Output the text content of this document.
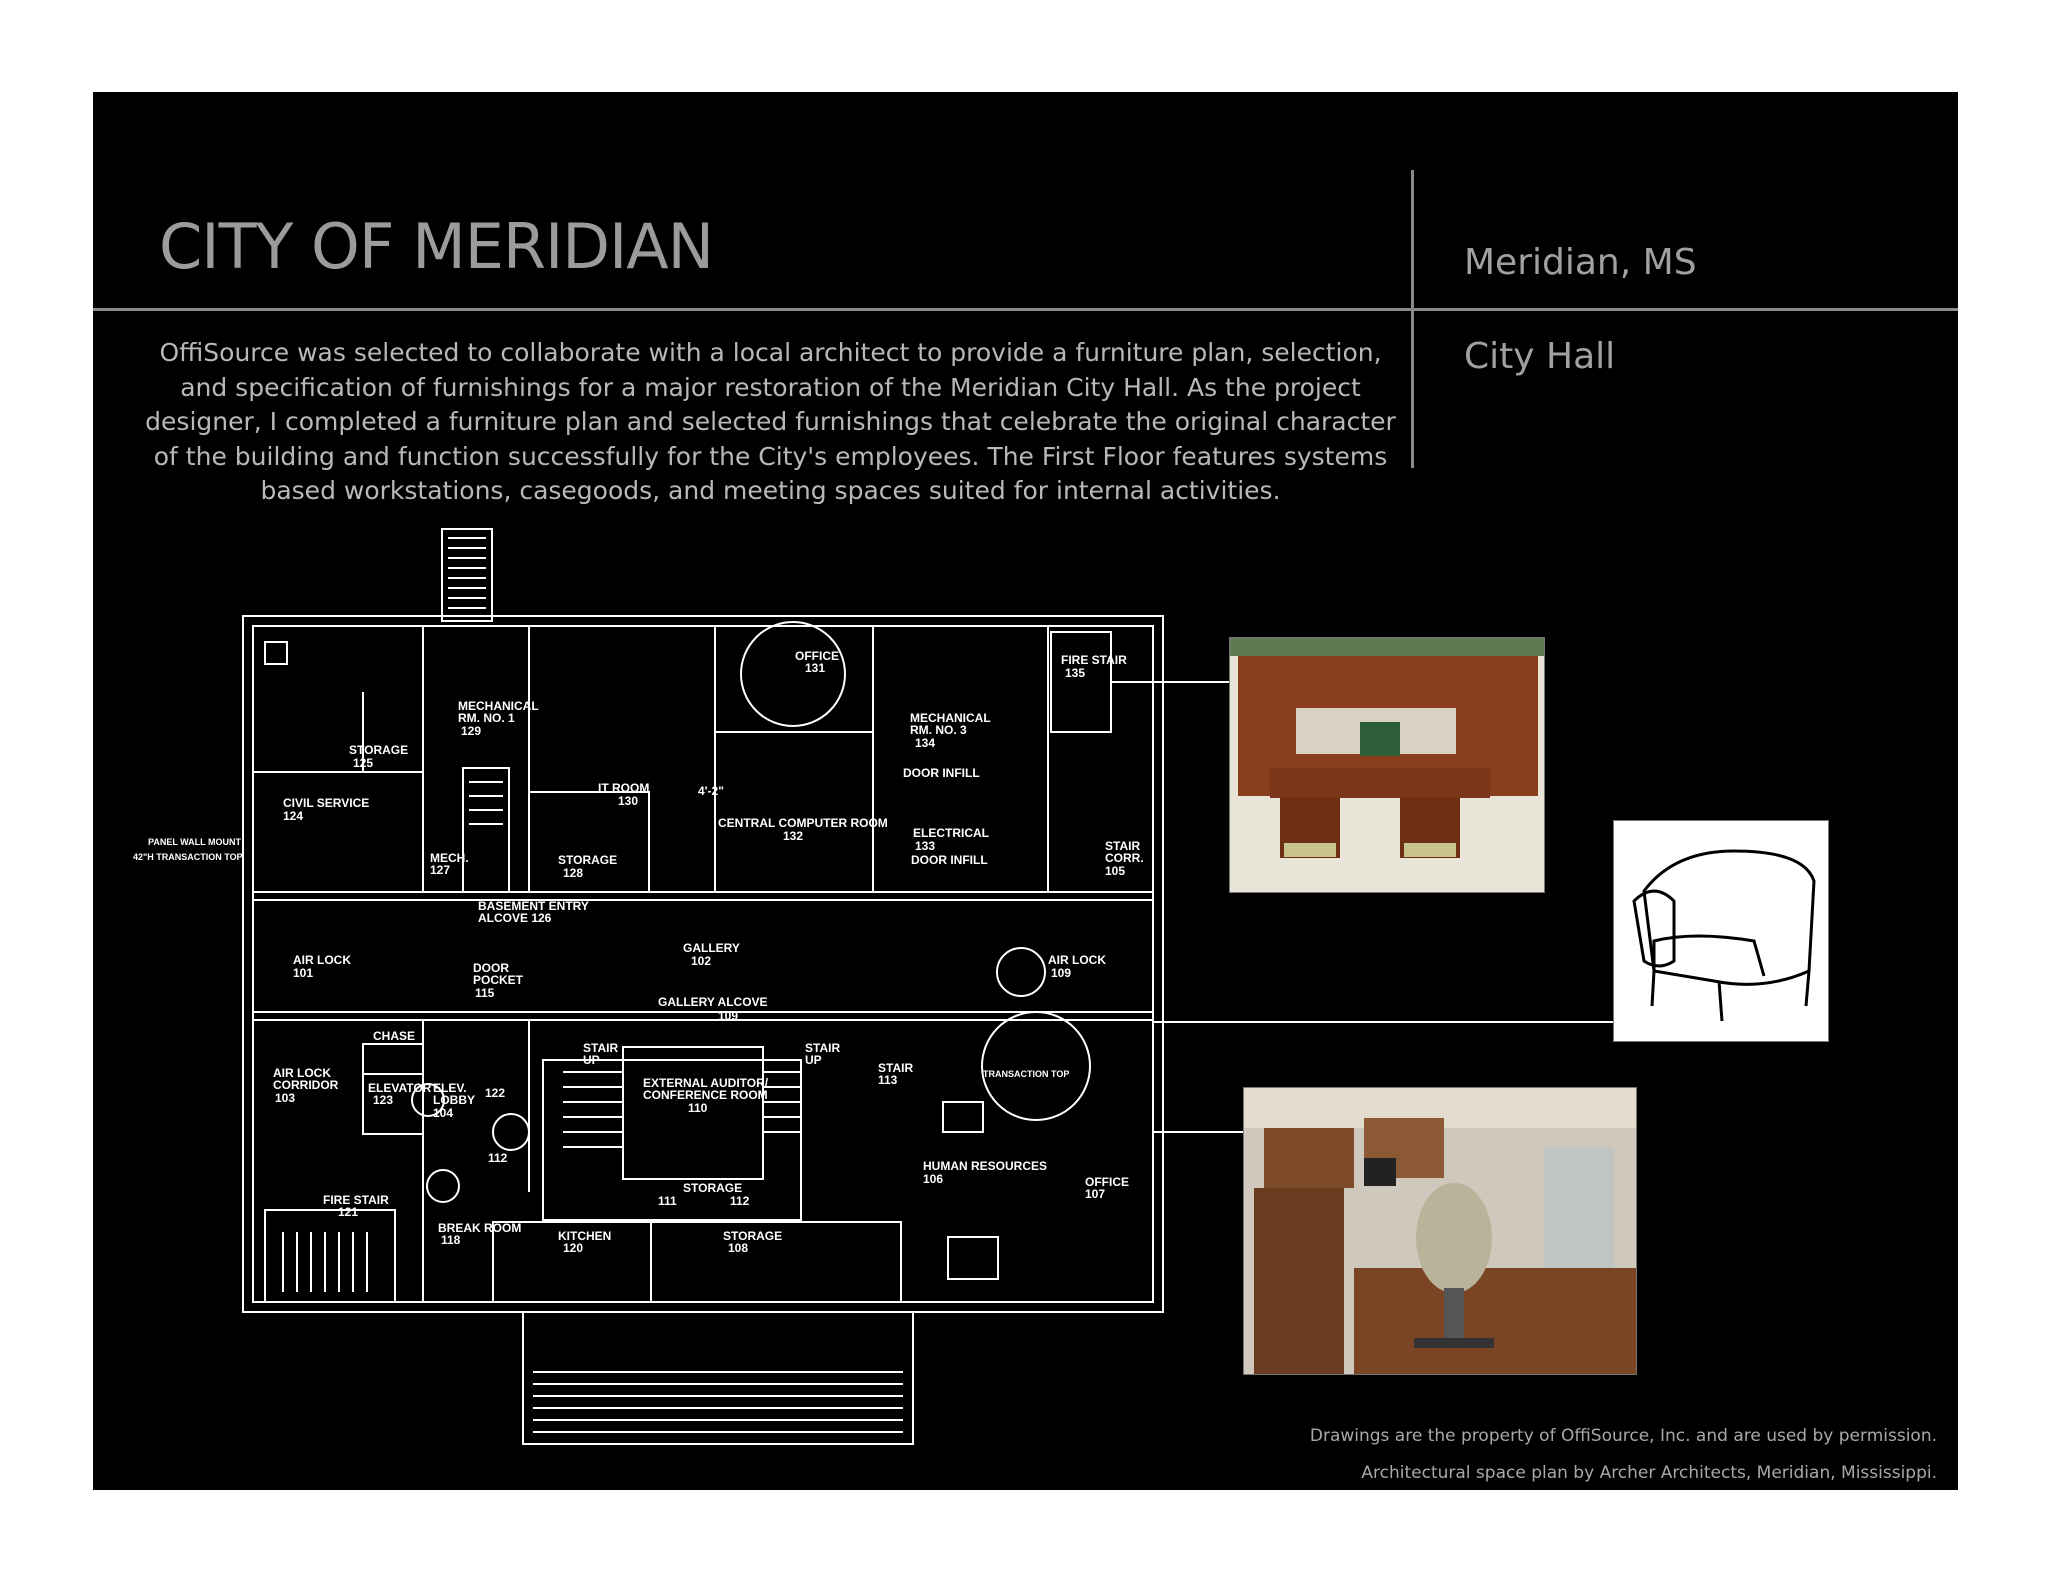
CITY OF MERIDIAN	Meridian, MS
City Hall
OffiSource was selected to collaborate with a local architect to provide a furniture plan, selection, and specification of furnishings for a major restoration of the Meridian City Hall. As the project designer, I completed a furniture plan and selected furnishings that celebrate the original character of the building and function successfully for the City's employees. The First Floor features systems based workstations, casegoods, and meeting spaces suited for internal activities.
CIVIL SERVICE
124
STORAGE
125
MECHANICAL
RM. NO. 1
129
IT ROOM
130
OFFICE
131
MECHANICAL
RM. NO. 3
134
FIRE STAIR
135
CENTRAL COMPUTER ROOM
132	ELECTRICAL
133
DOOR INFILL
DOOR INFILL
STORAGE
128
MECH.
127
BASEMENT ENTRY
ALCOVE 126
STAIR
CORR.
105
AIR LOCK
101	DOOR
POCKET
115
GALLERY
102
GALLERY ALCOVE
109
AIR LOCK
109
CHASE
AIR LOCK
CORRIDOR
103
ELEVATOR
123
ELEV.
LOBBY
104
122
112
STAIR
UP
STAIR
UP
EXTERNAL AUDITOR/
CONFERENCE ROOM
110
STORAGE
111	112
STAIR
113
HUMAN RESOURCES
106	OFFICE
107
FIRE STAIR
121
BREAK ROOM
118	KITCHEN
120
STORAGE
108
PANEL WALL MOUNT
42"H TRANSACTION TOP
TRANSACTION TOP
4'-2"
Drawings are the property of OffiSource, Inc. and are used by permission.
Architectural space plan by Archer Architects, Meridian, Mississippi.
